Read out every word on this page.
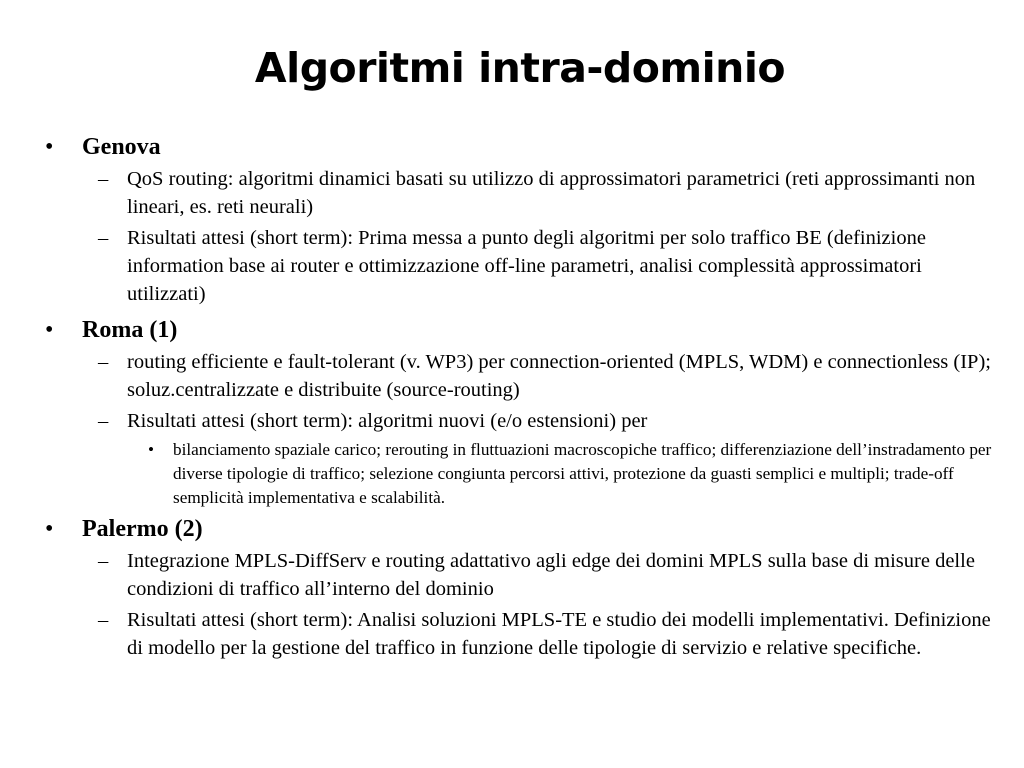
Algoritmi intra-dominio
• Genova
– QoS routing: algoritmi dinamici basati su utilizzo di approssimatori parametrici (reti approssimanti non lineari, es. reti neurali)
– Risultati attesi (short term): Prima messa a punto degli algoritmi per solo traffico BE (definizione information base ai router e ottimizzazione off-line parametri, analisi complessità approssimatori utilizzati)
• Roma (1)
– routing efficiente e fault-tolerant (v. WP3) per connection-oriented (MPLS, WDM) e connectionless (IP); soluz.centralizzate e distribuite (source-routing)
– Risultati attesi (short term): algoritmi nuovi (e/o estensioni) per
• bilanciamento spaziale carico; rerouting in fluttuazioni macroscopiche traffico; differenziazione dell’instradamento per diverse tipologie di traffico; selezione congiunta percorsi attivi, protezione da guasti semplici e multipli; trade-off semplicità implementativa e scalabilità.
• Palermo (2)
– Integrazione MPLS-DiffServ e routing adattativo agli edge dei domini MPLS sulla base di misure delle condizioni di traffico all’interno del dominio
– Risultati attesi (short term): Analisi soluzioni MPLS-TE e studio dei modelli implementativi. Definizione di modello per la gestione del traffico in funzione delle tipologie di servizio e relative specifiche.
